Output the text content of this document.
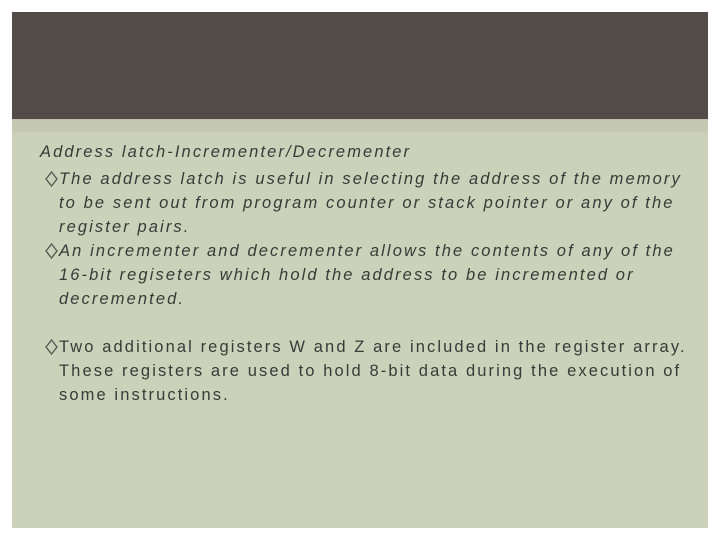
Address latch-Incrementer/Decrementer

The address latch is useful in selecting the address of the memory to be sent out from program counter or stack pointer or any of the register pairs.
An incrementer and decrementer allows the contents of any of the 16-bit regiseters which hold the address to be incremented or decremented.
Two additional registers W and Z are included in the register array. These registers are used to hold 8-bit data during the execution of some instructions.
